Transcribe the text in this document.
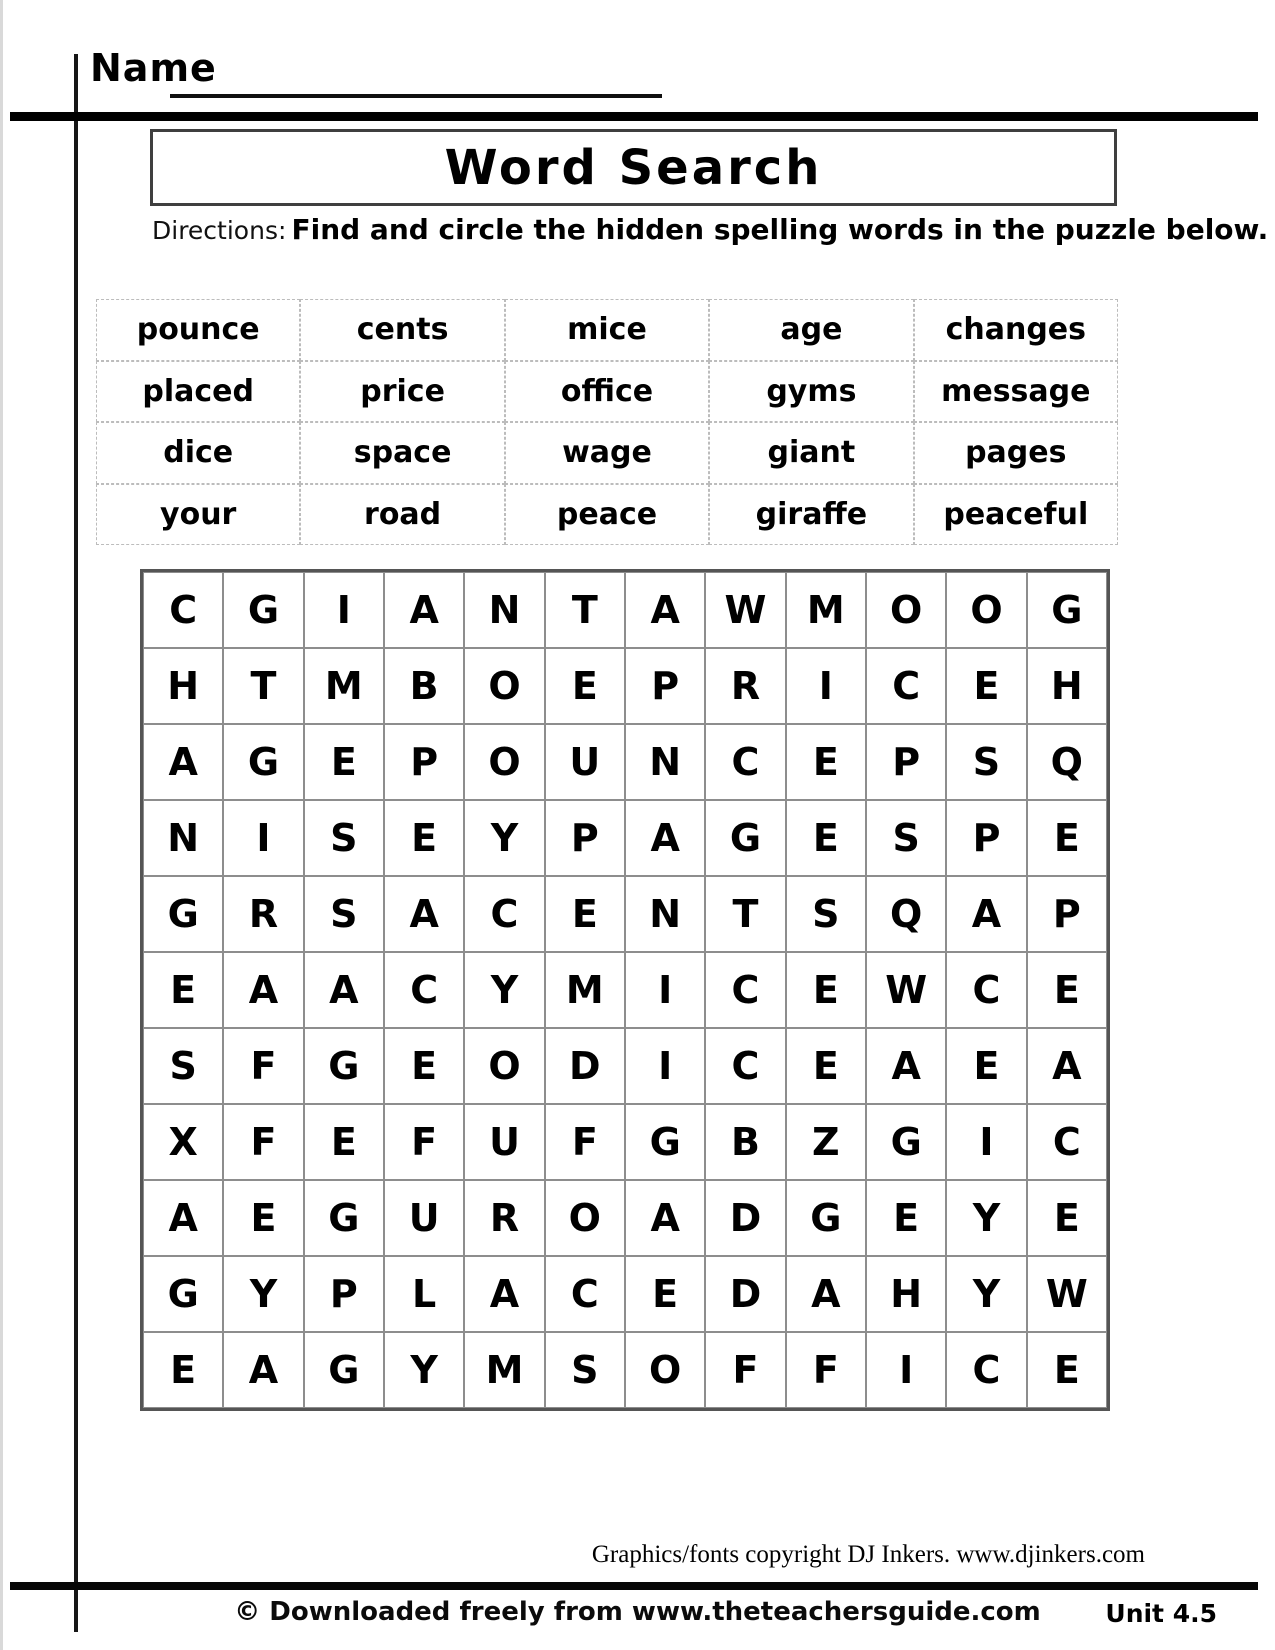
Name
Word Search
Directions: Find and circle the hidden spelling words in the puzzle below.
pounce	cents	mice	age	changes
placed	price	office	gyms	message
dice	space	wage	giant	pages
your	road	peace	giraffe	peaceful
C	G	I	A	N	T	A	W	M	O	O	G
H	T	M	B	O	E	P	R	I	C	E	H
A	G	E	P	O	U	N	C	E	P	S	Q
N	I	S	E	Y	P	A	G	E	S	P	E
G	R	S	A	C	E	N	T	S	Q	A	P
E	A	A	C	Y	M	I	C	E	W	C	E
S	F	G	E	O	D	I	C	E	A	E	A
X	F	E	F	U	F	G	B	Z	G	I	C
A	E	G	U	R	O	A	D	G	E	Y	E
G	Y	P	L	A	C	E	D	A	H	Y	W
E	A	G	Y	M	S	O	F	F	I	C	E
Graphics/fonts copyright DJ Inkers. www.djinkers.com
© Downloaded freely from www.theteachersguide.com	Unit 4.5
